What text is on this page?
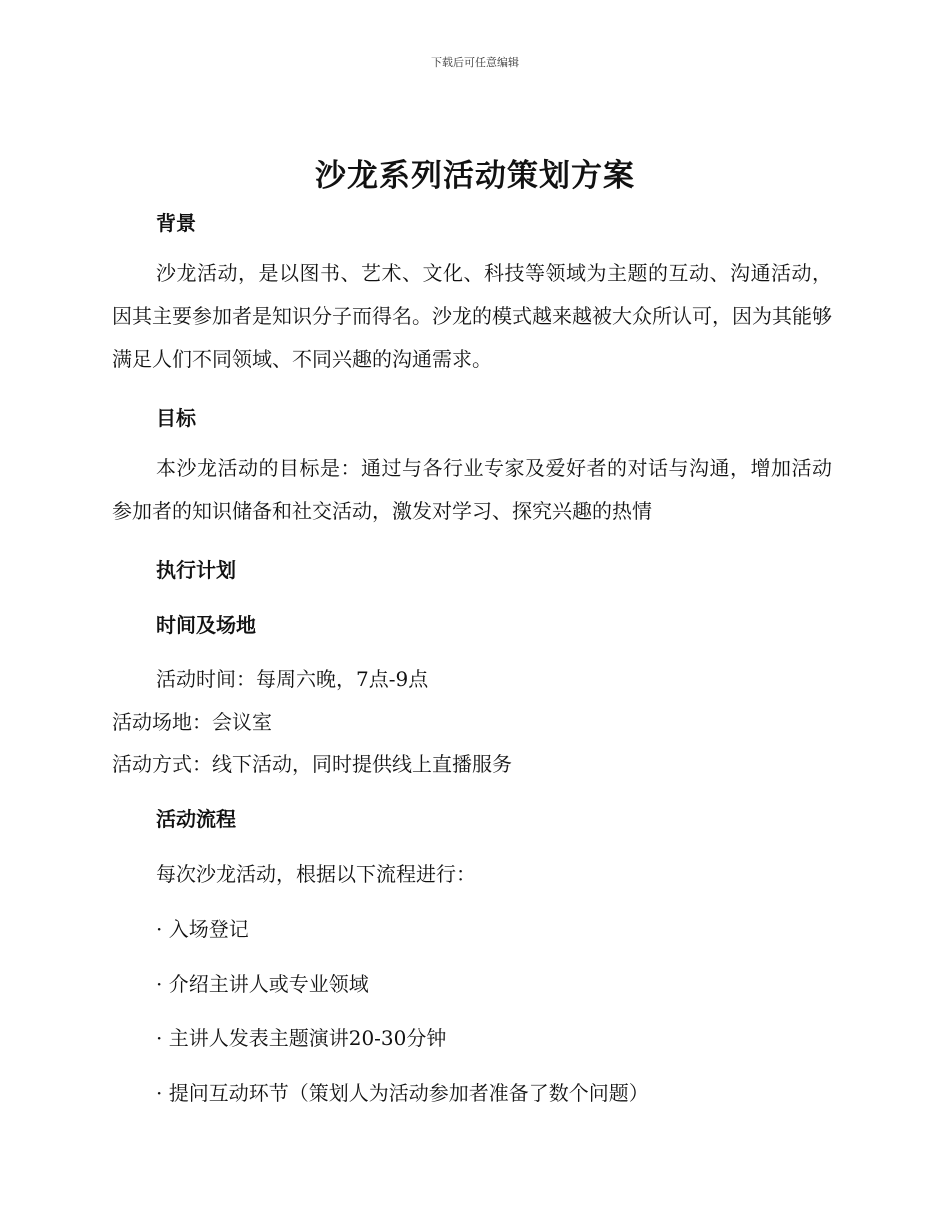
下载后可任意编辑
沙龙系列活动策划方案
背景
沙龙活动，是以图书、艺术、文化、科技等领域为主题的互动、沟通活动，因其主要参加者是知识分子而得名。沙龙的模式越来越被大众所认可，因为其能够满足人们不同领域、不同兴趣的沟通需求。
目标
本沙龙活动的目标是：通过与各行业专家及爱好者的对话与沟通，增加活动参加者的知识储备和社交活动，激发对学习、探究兴趣的热情
执行计划
时间及场地
活动时间：每周六晚，7点-9点
活动场地：会议室
活动方式：线下活动，同时提供线上直播服务
活动流程
每次沙龙活动，根据以下流程进行：
· 入场登记
· 介绍主讲人或专业领域
· 主讲人发表主题演讲20-30分钟
· 提问互动环节（策划人为活动参加者准备了数个问题）
